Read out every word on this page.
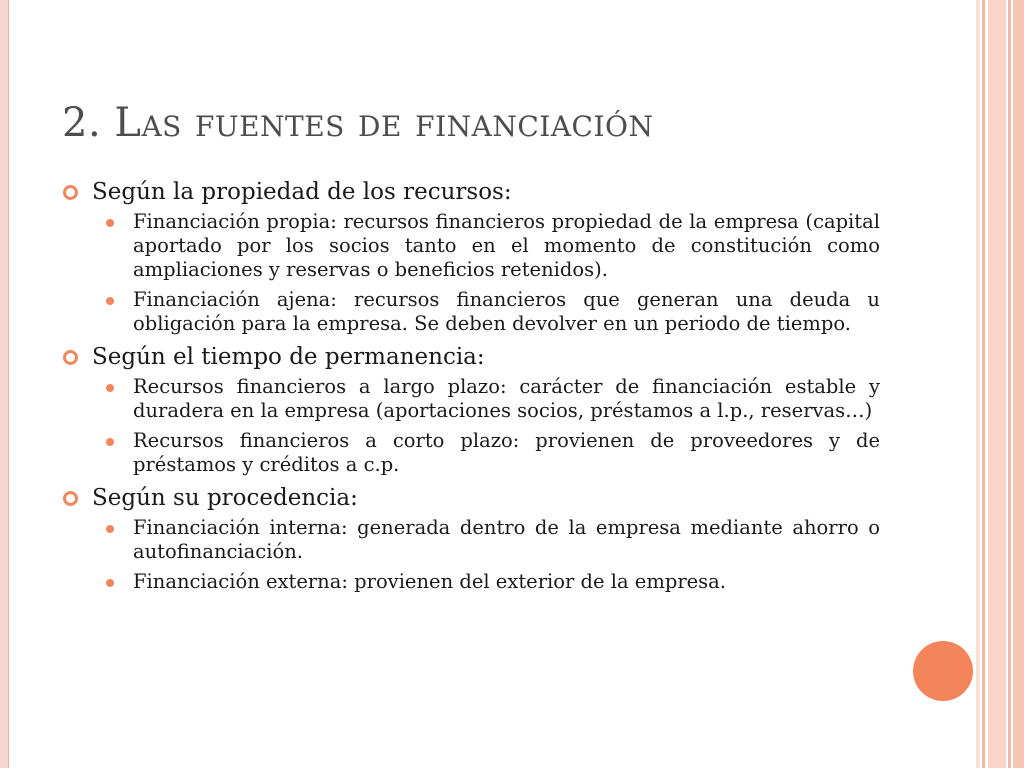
2. Las fuentes de financiación
Según la propiedad de los recursos:

Financiación propia: recursos financieros propiedad de la empresa (capital aportado por los socios tanto en el momento de constitución como ampliaciones y reservas o beneficios retenidos).

Financiación ajena: recursos financieros que generan una deuda u obligación para la empresa. Se deben devolver en un periodo de tiempo.

Según el tiempo de permanencia:

Recursos financieros a largo plazo: carácter de financiación estable y duradera en la empresa (aportaciones socios, préstamos a l.p., reservas…)

Recursos financieros a corto plazo: provienen de proveedores y de préstamos y créditos a c.p.

Según su procedencia:

Financiación interna: generada dentro de la empresa mediante ahorro o autofinanciación.

Financiación externa: provienen del exterior de la empresa.
